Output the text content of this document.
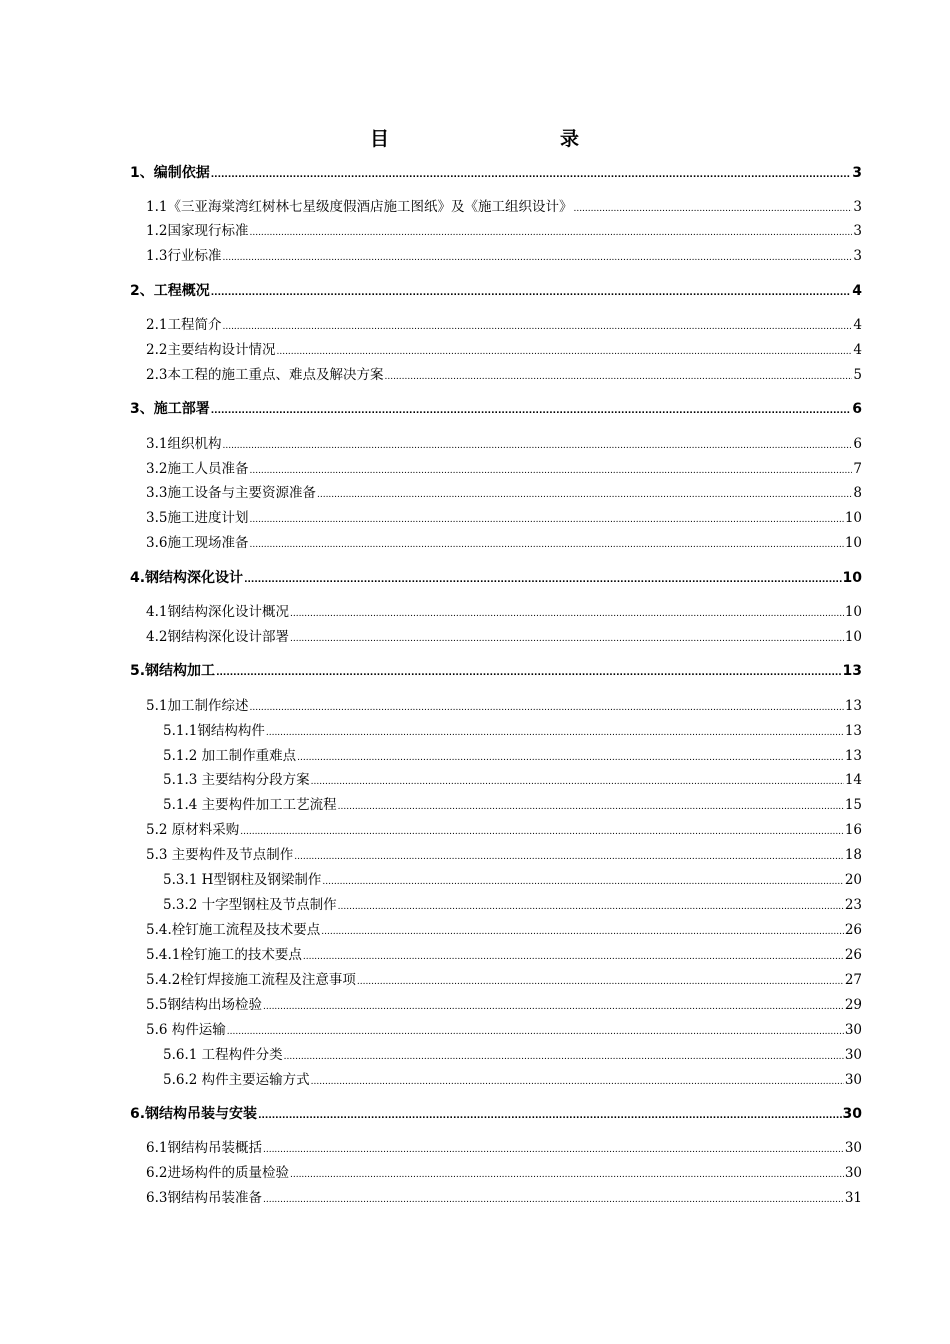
目	录
1、编制依据 .....	3
1.1《三亚海棠湾红树林七星级度假酒店施工图纸》及《施工组织设计》 .....	3
1.2国家现行标准 .....	3
1.3行业标准 .....	3
2、工程概况 .....	4
2.1工程简介 .....	4
2.2主要结构设计情况 .....	4
2.3本工程的施工重点、难点及解决方案 .....	5
3、施工部署 .....	6
3.1组织机构 .....	6
3.2施工人员准备 .....	7
3.3施工设备与主要资源准备 .....	8
3.5施工进度计划 .....	10
3.6施工现场准备 .....	10
4.钢结构深化设计 .....	10
4.1钢结构深化设计概况 .....	10
4.2钢结构深化设计部署 .....	10
5.钢结构加工 .....	13
5.1加工制作综述 .....	13
5.1.1钢结构构件 .....	13
5.1.2 加工制作重难点 .....	13
5.1.3 主要结构分段方案 .....	14
5.1.4 主要构件加工工艺流程 .....	15
5.2 原材料采购 .....	16
5.3 主要构件及节点制作 .....	18
5.3.1 H型钢柱及钢梁制作 .....	20
5.3.2 十字型钢柱及节点制作 .....	23
5.4.栓钉施工流程及技术要点 .....	26
5.4.1栓钉施工的技术要点 .....	26
5.4.2栓钉焊接施工流程及注意事项 .....	27
5.5钢结构出场检验 .....	29
5.6 构件运输 .....	30
5.6.1 工程构件分类 .....	30
5.6.2 构件主要运输方式 .....	30
6.钢结构吊装与安装 .....	30
6.1钢结构吊装概括 .....	30
6.2进场构件的质量检验 .....	30
6.3钢结构吊装准备 .....	31
